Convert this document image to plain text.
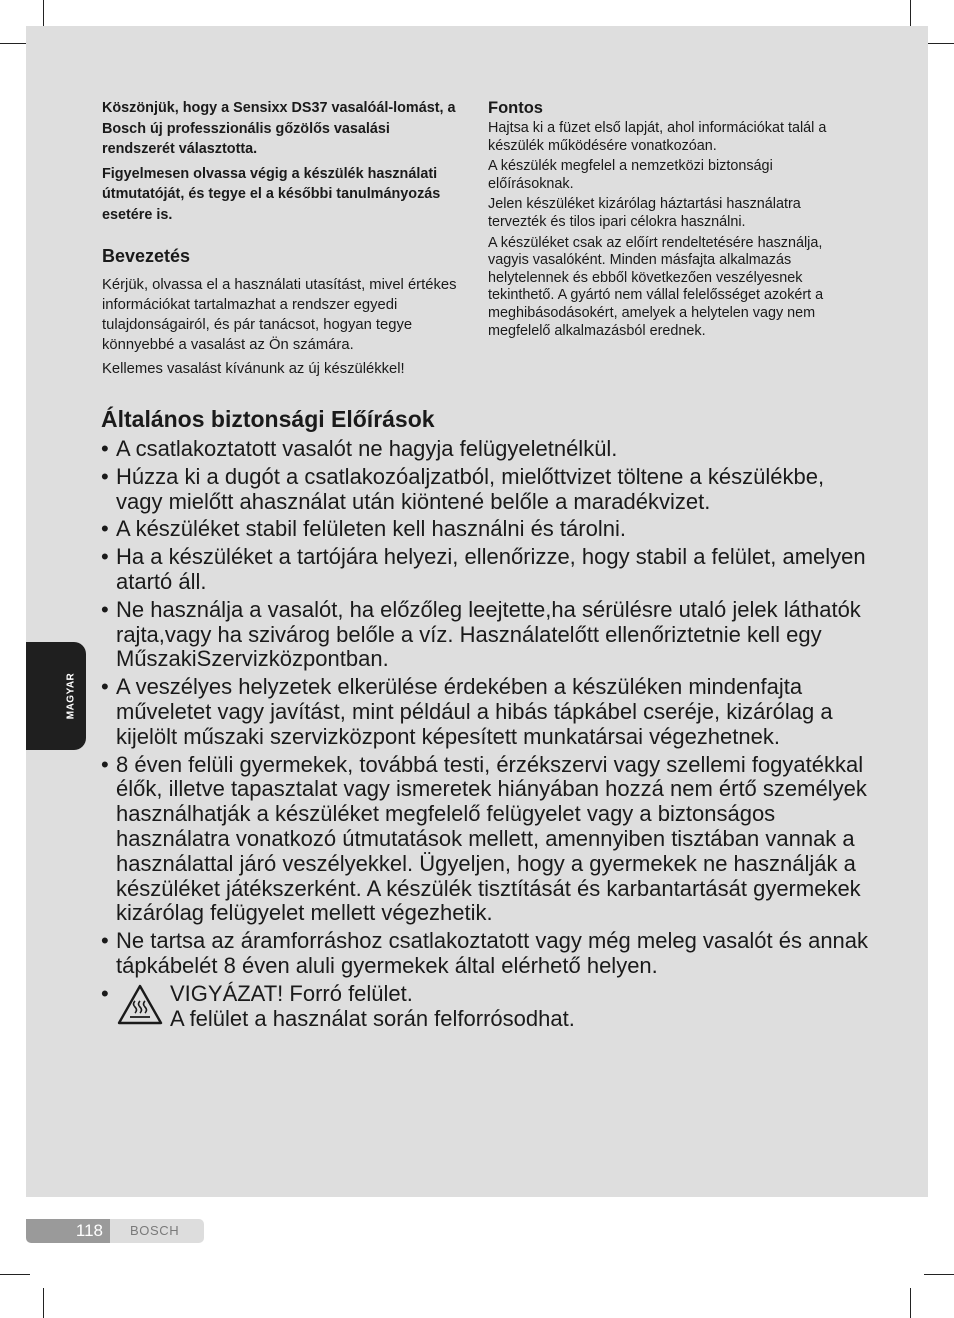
Köszönjük, hogy a Sensixx DS37 vasalóál-lomást, a Bosch új professzionális gőzölős vasalási rendszerét választotta.

Figyelmesen olvassa végig a készülék használati útmutatóját, és tegye el a későbbi tanulmányozás esetére is.

Bevezetés

Kérjük, olvassa el a használati utasítást, mivel értékes információkat tartalmazhat a rendszer egyedi tulajdonságairól, és pár tanácsot, hogyan tegye könnyebbé a vasalást az Ön számára.

Kellemes vasalást kívánunk az új készülékkel!

Fontos

Hajtsa ki a füzet első lapját, ahol információkat talál a készülék működésére vonatkozóan.

A készülék megfelel a nemzetközi biztonsági előírásoknak.

Jelen készüléket kizárólag háztartási használatra tervezték és tilos ipari célokra használni.

A készüléket csak az előírt rendeltetésére használja, vagyis vasalóként. Minden másfajta alkalmazás helytelennek és ebből következően veszélyesnek tekinthető. A gyártó nem vállal felelősséget azokért a meghibásodásokért, amelyek a helytelen vagy nem megfelelő alkalmazásból erednek.

Általános biztonsági Előírások
• A csatlakoztatott vasalót ne hagyja felügyeletnélkül.
• Húzza ki a dugót a csatlakozóaljzatból, mielőttvizet töltene a készülékbe, vagy mielőtt ahasználat után kiöntené belőle a maradékvizet.
• A készüléket stabil felületen kell használni és tárolni.
• Ha a készüléket a tartójára helyezi, ellenőrizze, hogy stabil a felület, amelyen atartó áll.
• Ne használja a vasalót, ha előzőleg leejtette,ha sérülésre utaló jelek láthatók rajta,vagy ha szivárog belőle a víz. Használatelőtt ellenőriztetnie kell egy MűszakiSzervizközpontban.
• A veszélyes helyzetek elkerülése érdekében a készüléken mindenfajta műveletet vagy javítást, mint például a hibás tápkábel cseréje, kizárólag a kijelölt műszaki szervizközpont képesített munkatársai végezhetnek.
• 8 éven felüli gyermekek, továbbá testi, érzékszervi vagy szellemi fogyatékkal élők, illetve tapasztalat vagy ismeretek hiányában hozzá nem értő személyek használhatják a készüléket megfelelő felügyelet vagy a biztonságos használatra vonatkozó útmutatások mellett, amennyiben tisztában vannak a használattal járó veszélyekkel. Ügyeljen, hogy a gyermekek ne használják a készüléket játékszerként. A készülék tisztítását és karbantartását gyermekek kizárólag felügyelet mellett végezhetik.
• Ne tartsa az áramforráshoz csatlakoztatott vagy még meleg vasalót és annak tápkábelét 8 éven aluli gyermekek által elérhető helyen.
•	VIGYÁZAT! Forró felület.
A felület a használat során felforrósodhat.
MAGYAR
118 BOSCH
